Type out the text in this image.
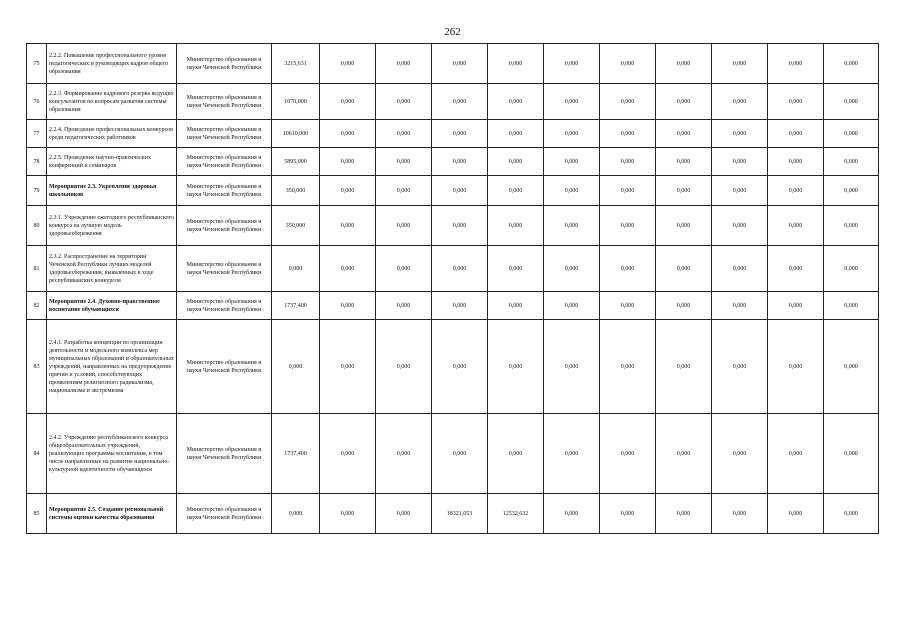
262
75	2.2.2. Повышение профессионального уровня педагогических и руководящих кадров общего образования	Министерство образования и науки Чеченской Республики	3215,631	0,000	0,000	0,000	0,000	0,000	0,000	0,000	0,000	0,000	0,000
76	2.2.3. Формирование кадрового резерва ведущих консультантов по вопросам развития системы образования	Министерство образования и науки Чеченской Республики	1070,000	0,000	0,000	0,000	0,000	0,000	0,000	0,000	0,000	0,000	0,000
77	2.2.4. Проведение профессиональных конкурсов среди педагогических работников	Министерство образования и науки Чеченской Республики	10610,000	0,000	0,000	0,000	0,000	0,000	0,000	0,000	0,000	0,000	0,000
78	2.2.5. Проведение научно-практических конференций и семинаров	Министерство образования и науки Чеченской Республики	5895,000	0,000	0,000	0,000	0,000	0,000	0,000	0,000	0,000	0,000	0,000
79	Мероприятие 2.3. Укрепление здоровья школьников	Министерство образования и науки Чеченской Республики	350,000	0,000	0,000	0,000	0,000	0,000	0,000	0,000	0,000	0,000	0,000
80	2.3.1. Учреждение ежегодного республиканского конкурса на лучшую модель здоровьесбережения	Министерство образования и науки Чеченской Республики	350,000	0,000	0,000	0,000	0,000	0,000	0,000	0,000	0,000	0,000	0,000
81	2.3.2. Распространение на территории Чеченской Республики лучших моделей здоровьесбережения, выявленных в ходе республиканских конкурсов	Министерство образования и науки Чеченской Республики	0,000	0,000	0,000	0,000	0,000	0,000	0,000	0,000	0,000	0,000	0,000
82	Мероприятие 2.4. Духовно-нравственное воспитание обучающихся	Министерство образования и науки Чеченской Республики	1737,400	0,000	0,000	0,000	0,000	0,000	0,000	0,000	0,000	0,000	0,000
83	2.4.1. Разработка концепции по организации деятельности и модельного комплекса мер муниципальных образований и образовательных учреждений, направленных на предупреждение причин и условий, способствующих проявлениям религиозного радикализма, национализма и экстремизма	Министерство образования и науки Чеченской Республики	0,000	0,000	0,000	0,000	0,000	0,000	0,000	0,000	0,000	0,000	0,000
84	2.4.2. Учреждение республиканского конкурса общеобразовательных учреждений, реализующих программы воспитания, в том числе направленные на развитие национально-культурной идентичности обучающихся	Министерство образования и науки Чеченской Республики	1737,400	0,000	0,000	0,000	0,000	0,000	0,000	0,000	0,000	0,000	0,000
85	Мероприятие 2.5. Создание региональной системы оценки качества образования	Министерство образования и науки Чеченской Республики	0,000	0,000	0,000	18321,053	12532,632	0,000	0,000	0,000	0,000	0,000	0,000
